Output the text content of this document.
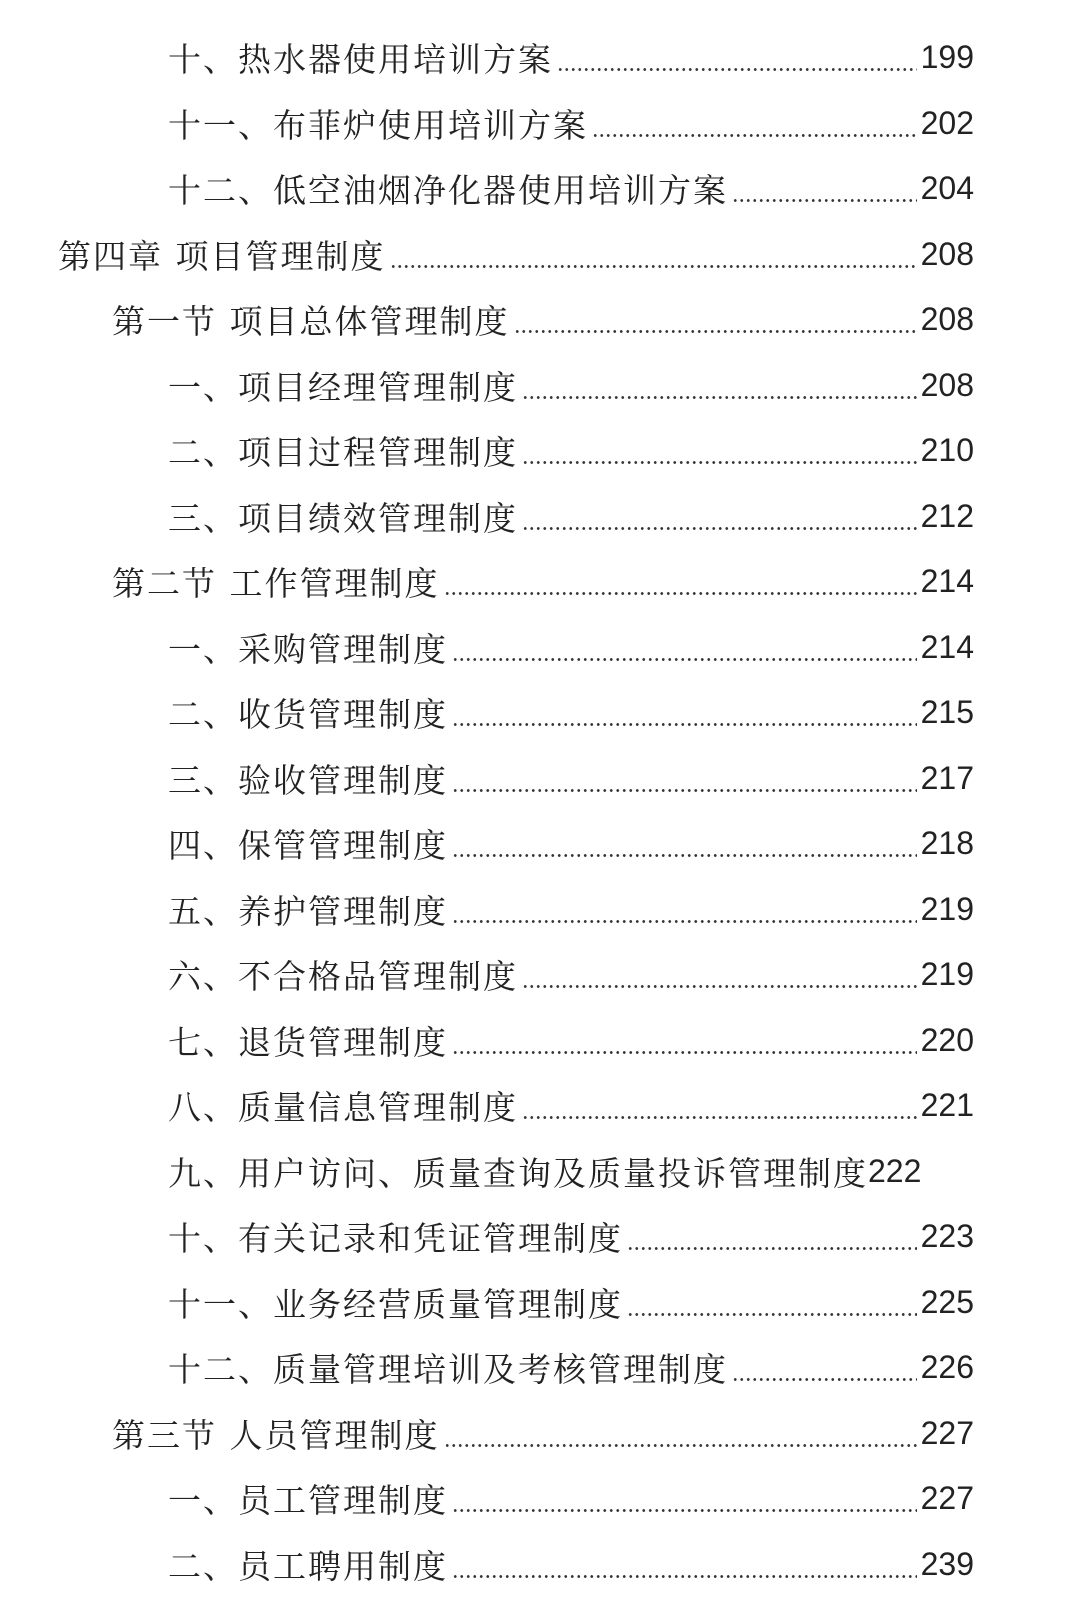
十、热水器使用培训方案	199
十一、布菲炉使用培训方案	202
十二、低空油烟净化器使用培训方案	204
第四章 项目管理制度	208
第一节 项目总体管理制度	208
一、项目经理管理制度	208
二、项目过程管理制度	210
三、项目绩效管理制度	212
第二节 工作管理制度	214
一、采购管理制度	214
二、收货管理制度	215
三、验收管理制度	217
四、保管管理制度	218
五、养护管理制度	219
六、不合格品管理制度	219
七、退货管理制度	220
八、质量信息管理制度	221
九、用户访问、质量查询及质量投诉管理制度 222
十、有关记录和凭证管理制度	223
十一、业务经营质量管理制度	225
十二、质量管理培训及考核管理制度	226
第三节 人员管理制度	227
一、员工管理制度	227
二、员工聘用制度	239
